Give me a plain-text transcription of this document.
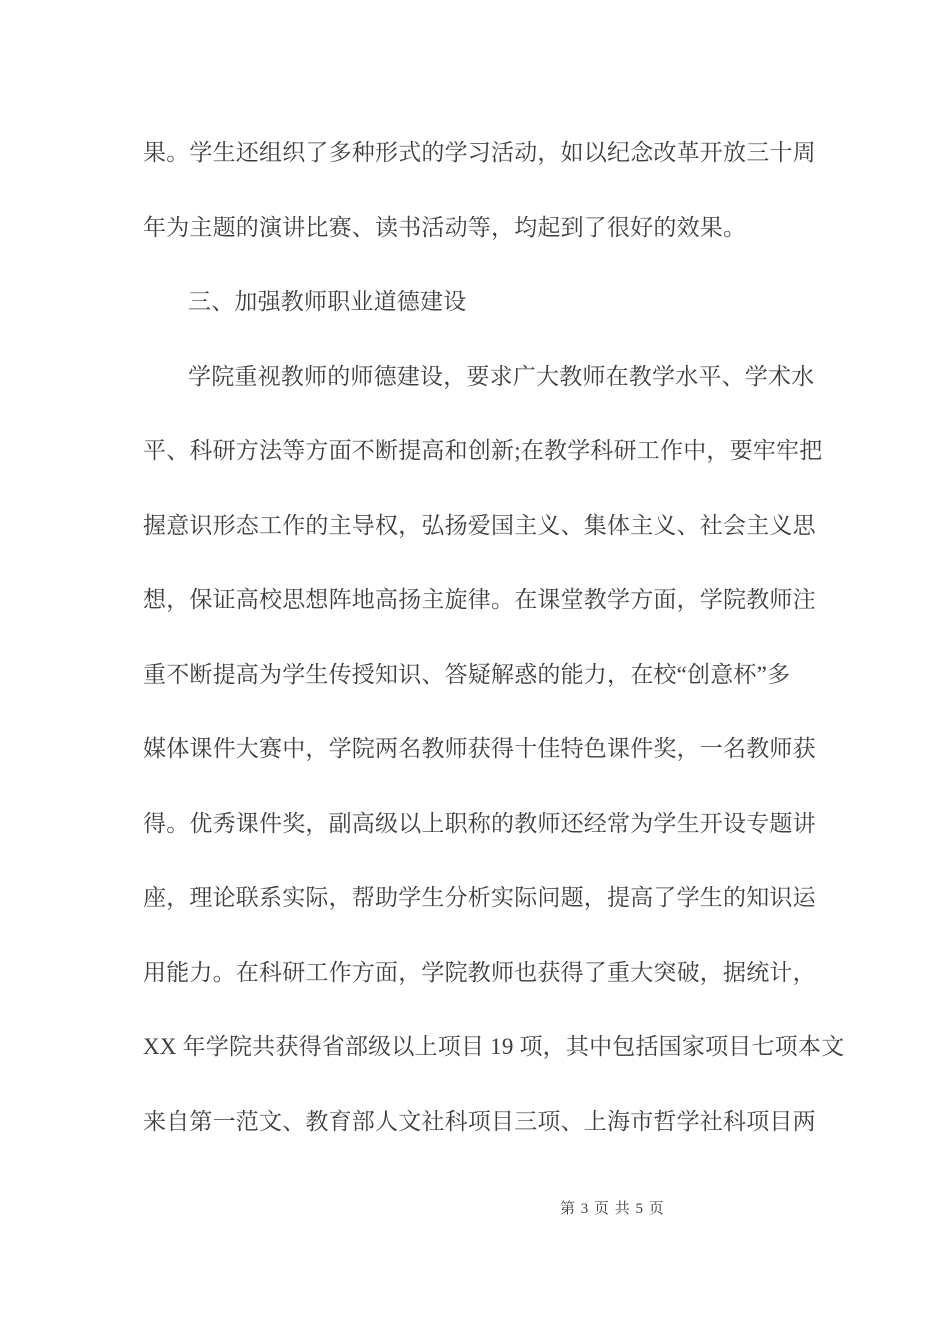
果。学生还组织了多种形式的学习活动，如以纪念改革开放三十周
年为主题的演讲比赛、读书活动等，均起到了很好的效果。
三、加强教师职业道德建设
学院重视教师的师德建设，要求广大教师在教学水平、学术水
平、科研方法等方面不断提高和创新;在教学科研工作中，要牢牢把
握意识形态工作的主导权，弘扬爱国主义、集体主义、社会主义思
想，保证高校思想阵地高扬主旋律。在课堂教学方面，学院教师注
重不断提高为学生传授知识、答疑解惑的能力，在校“创意杯”多
媒体课件大赛中，学院两名教师获得十佳特色课件奖，一名教师获
得。优秀课件奖，副高级以上职称的教师还经常为学生开设专题讲
座，理论联系实际，帮助学生分析实际问题，提高了学生的知识运
用能力。在科研工作方面，学院教师也获得了重大突破，据统计，
XX 年学院共获得省部级以上项目 19 项，其中包括国家项目七项本文
来自第一范文、教育部人文社科项目三项、上海市哲学社科项目两
第 3 页 共 5 页
